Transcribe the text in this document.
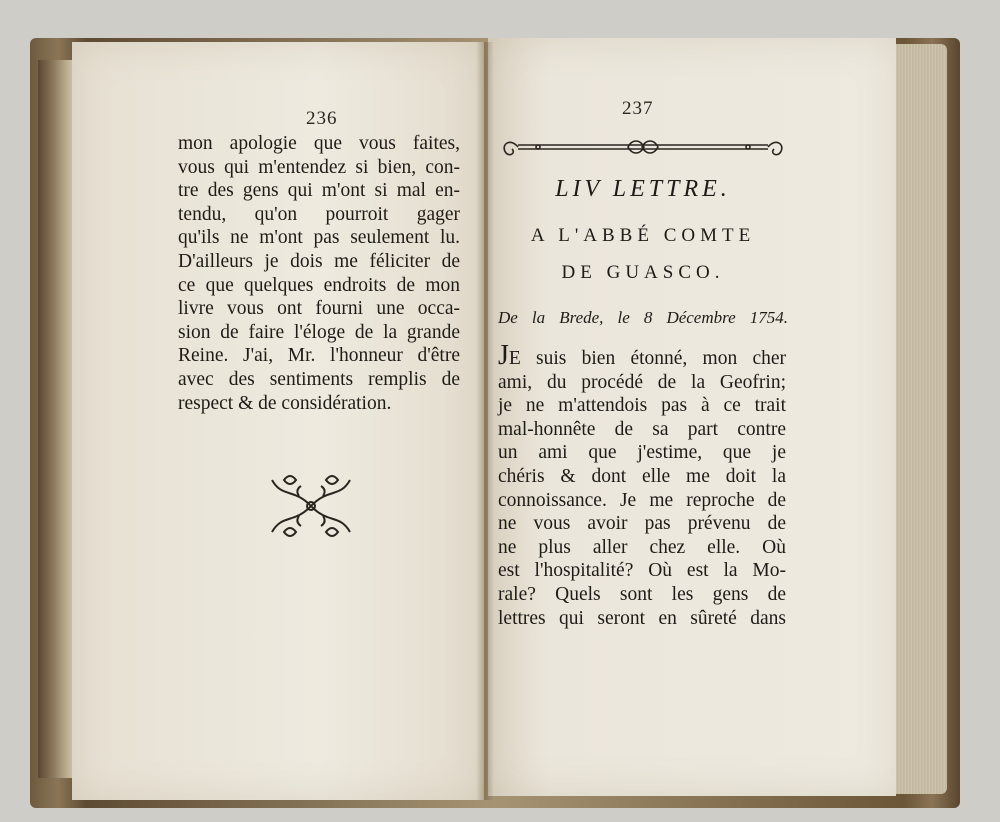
236
mon apologie que vous faites,
vous qui m'entendez si bien, con-
tre des gens qui m'ont si mal en-
tendu, qu'on pourroit gager
qu'ils ne m'ont pas seulement lu.
D'ailleurs je dois me féliciter de
ce que quelques endroits de mon
livre vous ont fourni une occa-
sion de faire l'éloge de la grande
Reine. J'ai, Mr. l'honneur d'être
avec des sentiments remplis de
respect & de considération.
237
LIV LETTRE.
A L'ABBÉ COMTE
DE GUASCO.
De la Brede, le 8 Décembre 1754.
JE suis bien étonné, mon cher
ami, du procédé de la Geofrin;
je ne m'attendois pas à ce trait
mal-honnête de sa part contre
un ami que j'estime, que je
chéris & dont elle me doit la
connoissance. Je me reproche de
ne vous avoir pas prévenu de
ne plus aller chez elle. Où
est l'hospitalité? Où est la Mo-
rale? Quels sont les gens de
lettres qui seront en sûreté dans
